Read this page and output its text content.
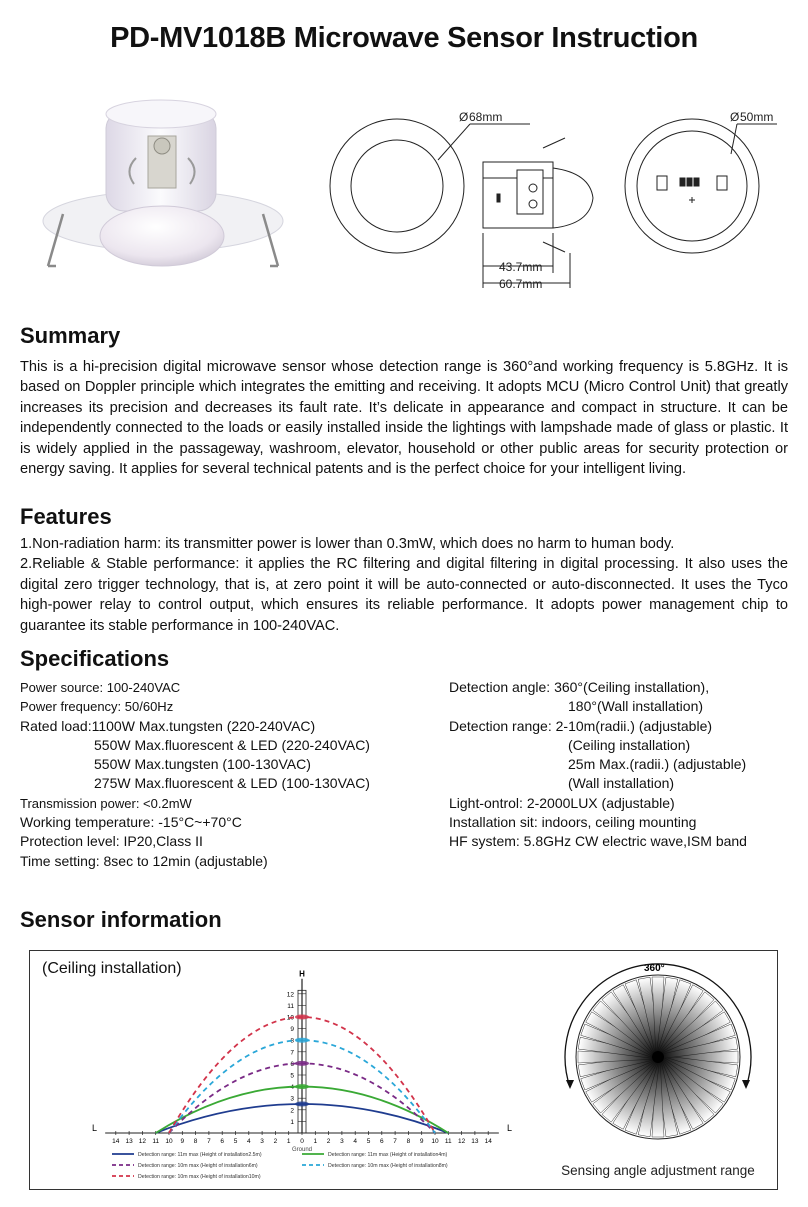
PD-MV1018B Microwave Sensor Instruction
68mm
Ø
43.7mm
60.7mm
50mm
Ø
Summary

This is a hi-precision digital microwave sensor whose detection range is 360°and working frequency is 5.8GHz. It is based on Doppler principle which integrates the emitting and receiving. It adopts MCU (Micro Control Unit) that greatly increases its precision and decreases its fault rate. It’s delicate in appearance and compact in structure. It can be independently connected to the loads or easily installed inside the lightings with lampshade made of glass or plastic. It is widely applied in the passageway, washroom, elevator, household or other public areas for security protection or energy saving. It applies for several technical patents and is the perfect choice for your intelligent living.

Features
1.Non-radiation harm: its transmitter power is lower than 0.3mW, which does no harm to human body.
2.Reliable & Stable performance: it applies the RC filtering and digital filtering in digital processing. It also uses the digital zero trigger technology, that is, at zero point it will be auto-connected or auto-disconnected. It uses the Tyco high-power relay to control output, which ensures its reliable performance. It adopts power management chip to guarantee its stable performance in 100-240VAC.
Specifications
Power source: 100-240VAC
Power frequency: 50/60Hz
Rated load:1100W Max.tungsten (220-240VAC)
550W Max.fluorescent & LED (220-240VAC)
550W Max.tungsten (100-130VAC)
275W Max.fluorescent & LED (100-130VAC)
Transmission power: <0.2mW
Working temperature: -15°C~+70°C
Protection level: IP20,Class II
Time setting: 8sec to 12min (adjustable)
Detection angle: 360°(Ceiling installation),
180°(Wall installation)
Detection range: 2-10m(radii.) (adjustable)
(Ceiling installation)
25m Max.(radii.) (adjustable)
(Wall installation)
Light-ontrol: 2-2000LUX (adjustable)
Installation sit: indoors, ceiling mounting
HF system: 5.8GHz CW electric wave,ISM band
Sensor information
(Ceiling installation)
L	L
H
Ground
14 13 12 11 10 9 8 7 6 5 4 3 2 1 0 1 2 3 4 5 6 7 8 9 10 11 12 13 14
1
2
3
4
5
6
7
8
9
10
11
12
Detection range: 11m max (Height of installation2.5m)
Detection range: 10m max (Height of installation6m)
Detection range: 10m max (Height of installation10m)
Detection range: 11m max (Height of installation4m)
Detection range: 10m max (Height of installation8m)
360°
Sensing angle adjustment range
